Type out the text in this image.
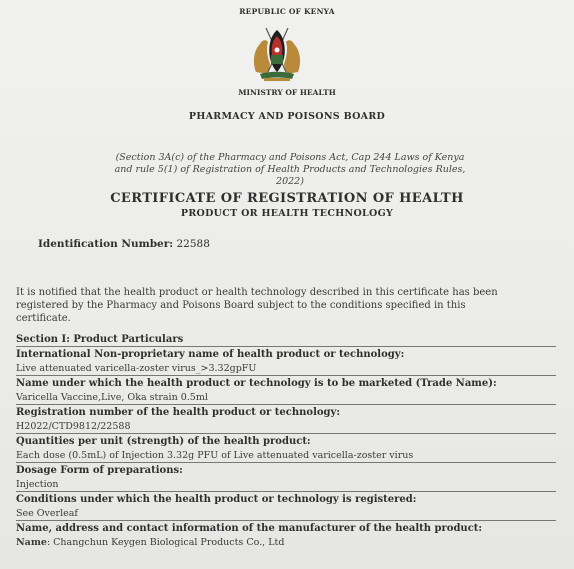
REPUBLIC OF KENYA
MINISTRY OF HEALTH
PHARMACY AND POISONS BOARD
(Section 3A(c) of the Pharmacy and Poisons Act, Cap 244 Laws of Kenya
and rule 5(1) of Registration of Health Products and Technologies Rules,
2022)
CERTIFICATE OF REGISTRATION OF HEALTH
PRODUCT OR HEALTH TECHNOLOGY
Identification Number: 22588
It is notified that the health product or health technology described in this certificate has been
registered by the Pharmacy and Poisons Board subject to the conditions specified in this
certificate.
Section I: Product Particulars
International Non-proprietary name of health product or technology:
Live attenuated varicella-zoster virus_>3.32gpFU
Name under which the health product or technology is to be marketed (Trade Name):
Varicella Vaccine,Live, Oka strain 0.5ml
Registration number of the health product or technology:
H2022/CTD9812/22588
Quantities per unit (strength) of the health product:
Each dose (0.5mL) of Injection 3.32g PFU of Live attenuated varicella-zoster virus
Dosage Form of preparations:
Injection
Conditions under which the health product or technology is registered:
See Overleaf
Name, address and contact information of the manufacturer of the health product:
Name: Changchun Keygen Biological Products Co., Ltd
